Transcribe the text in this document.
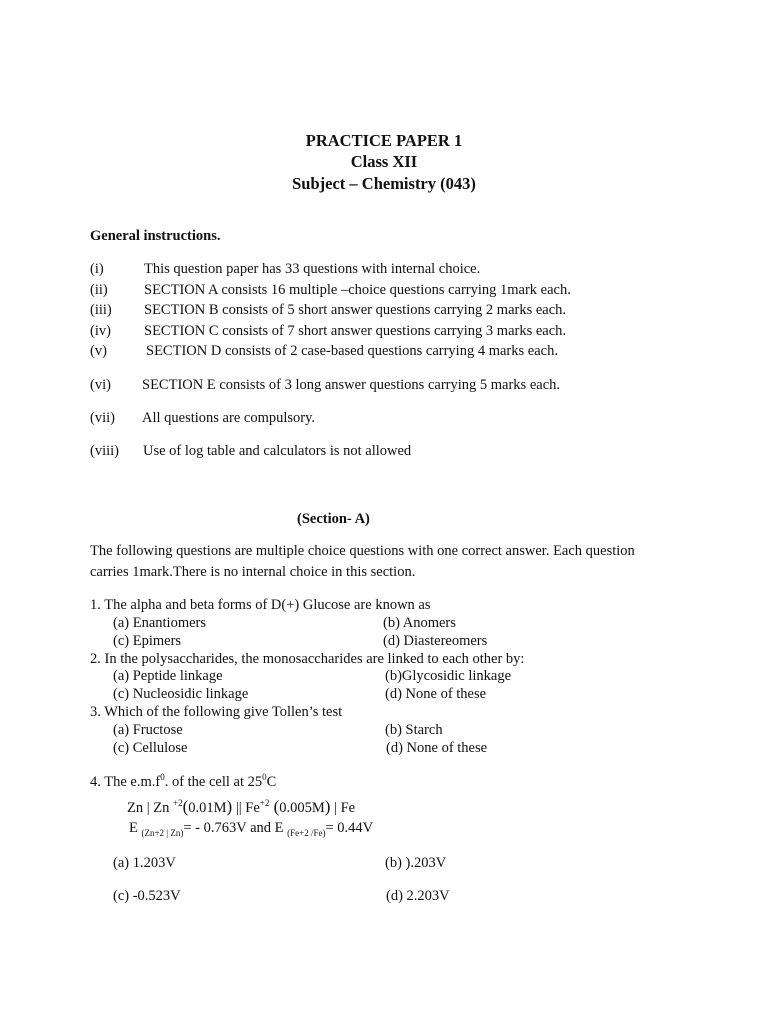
PRACTICE PAPER 1
Class XII
Subject – Chemistry (043)
General instructions.
(i)	This question paper has 33 questions with internal choice.
(ii)	SECTION A consists 16 multiple –choice questions carrying 1mark each.
(iii) SECTION B consists of 5 short answer questions carrying 2 marks each.
(iv) SECTION C consists of 7 short answer questions carrying 3 marks each.
(v)	SECTION D consists of 2 case-based questions carrying 4 marks each.
(vi) SECTION E consists of 3 long answer questions carrying 5 marks each.
(vii) All questions are compulsory.
(viii) Use of log table and calculators is not allowed
(Section- A)
The following questions are multiple choice questions with one correct answer. Each question
carries 1mark.There is no internal choice in this section.
1. The alpha and beta forms of D(+) Glucose are known as
(a) Enantiomers	(b) Anomers
(c) Epimers	(d) Diastereomers
2. In the polysaccharides, the monosaccharides are linked to each other by:
(a) Peptide linkage	(b)Glycosidic linkage
(c) Nucleosidic linkage	(d) None of these
3. Which of the following give Tollen’s test
(a) Fructose	(b) Starch
(c) Cellulose	(d) None of these
4. The $e.m.f^0$. of the cell at $25^0C$
Zn | Zn $^{+2}$(0.01M) || $Fe^{+2}$ (0.005M) | Fe
E $_{(Zn+2 | Zn)}$= - 0.763V and E $_{(Fe+2 /Fe)}$= 0.44V
(a) 1.203V	(b) ).203V
(c) -0.523V	(d) 2.203V
